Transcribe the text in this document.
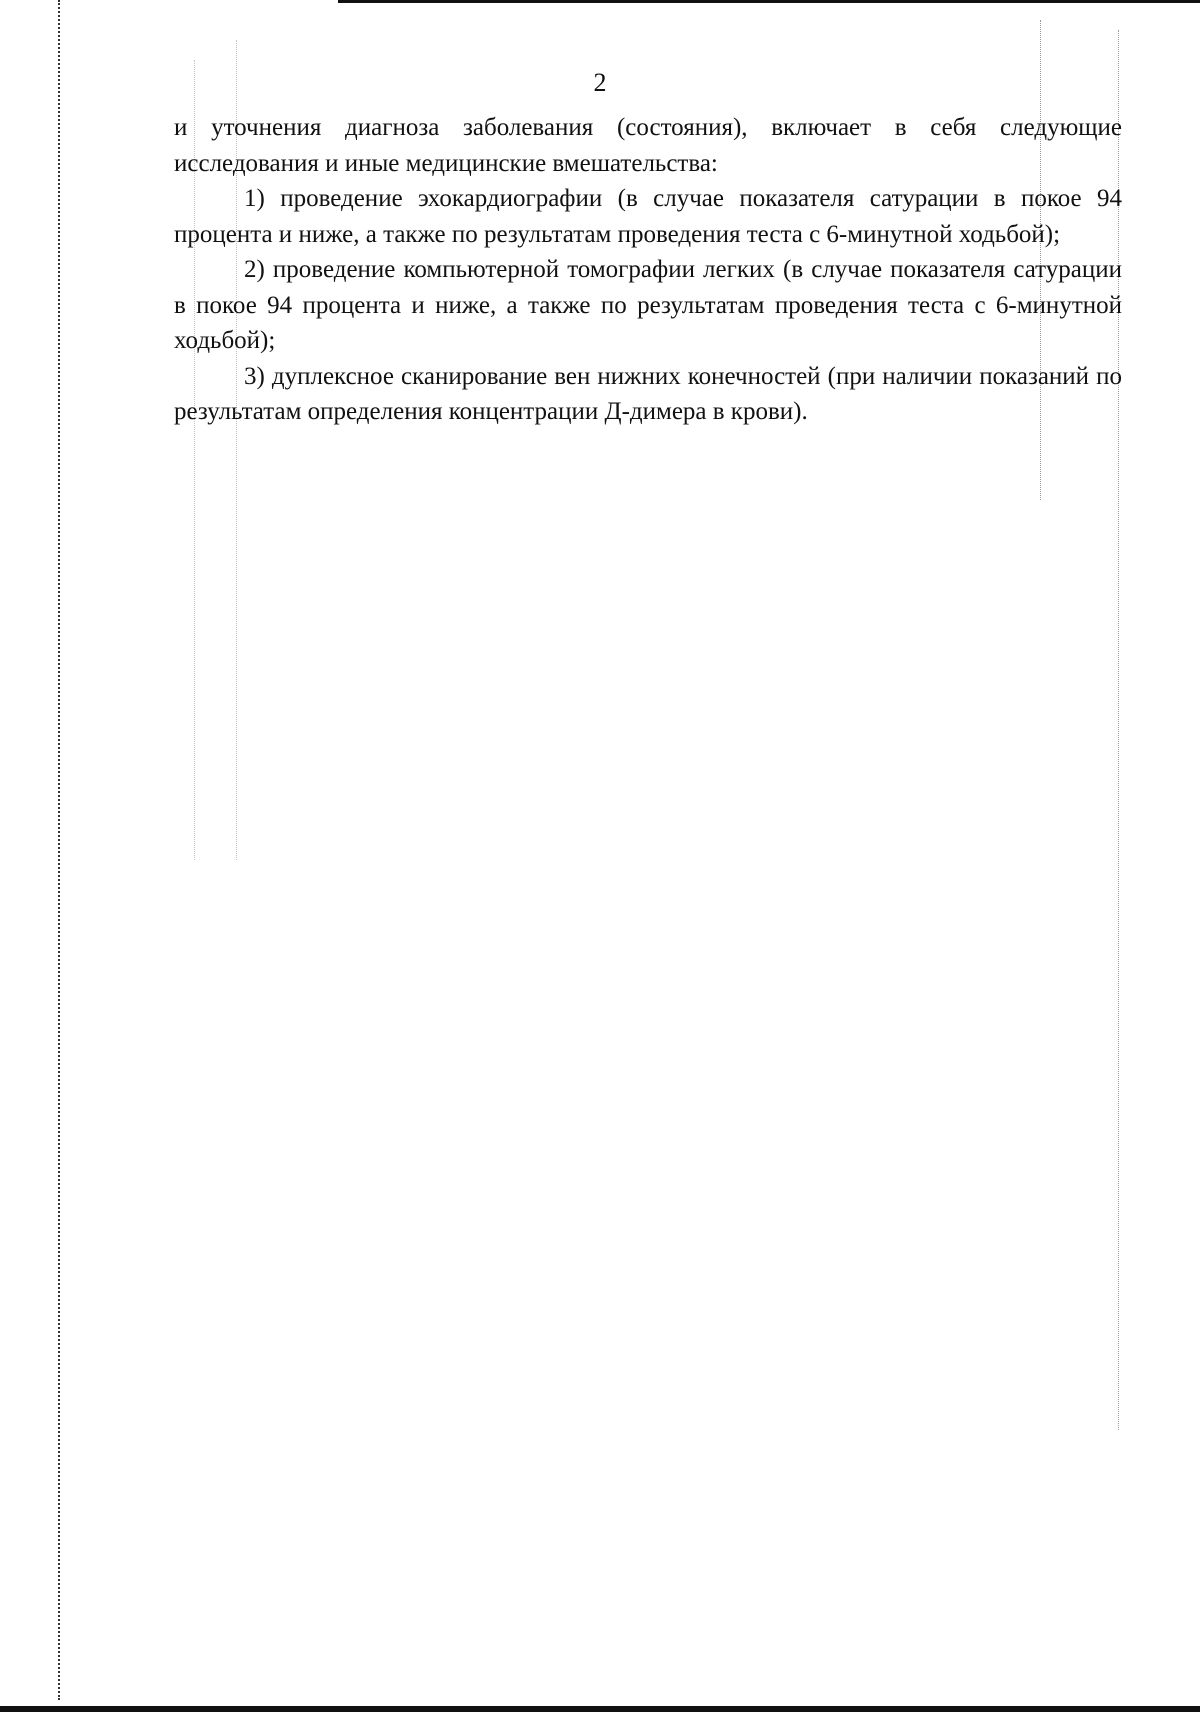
2

и уточнения диагноза заболевания (состояния), включает в себя следующие исследования и иные медицинские вмешательства:

1) проведение эхокардиографии (в случае показателя сатурации в покое 94 процента и ниже, а также по результатам проведения теста с 6-минутной ходьбой);

2) проведение компьютерной томографии легких (в случае показателя сатурации в покое 94 процента и ниже, а также по результатам проведения теста с 6-минутной ходьбой);

3) дуплексное сканирование вен нижних конечностей (при наличии показаний по результатам определения концентрации Д-димера в крови).
